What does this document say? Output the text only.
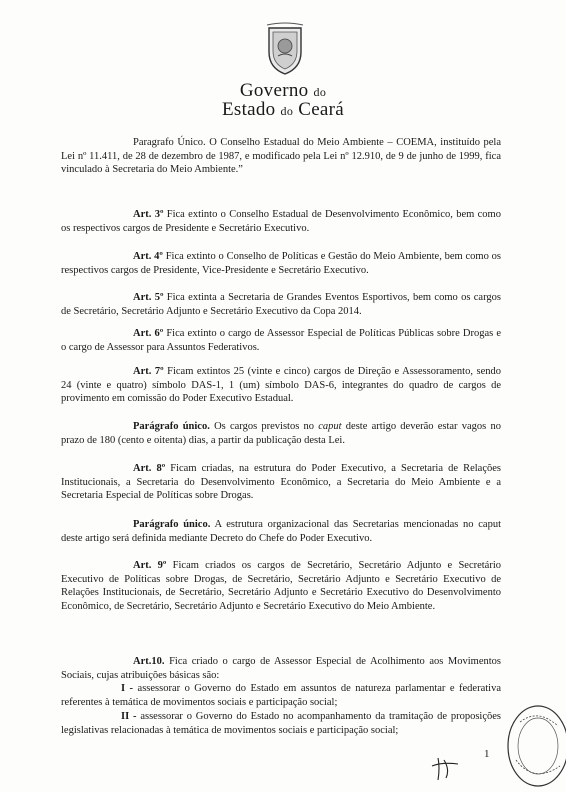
Governo do
Estado do Ceará
Paragrafo Único. O Conselho Estadual do Meio Ambiente – COEMA, instituído pela Lei nº 11.411, de 28 de dezembro de 1987, e modificado pela Lei nº 12.910, de 9 de junho de 1999, fica vinculado à Secretaria do Meio Ambiente.”
Art. 3º Fica extinto o Conselho Estadual de Desenvolvimento Econômico, bem como os respectivos cargos de Presidente e Secretário Executivo.
Art. 4º Fica extinto o Conselho de Políticas e Gestão do Meio Ambiente, bem como os respectivos cargos de Presidente, Vice-Presidente e Secretário Executivo.
Art. 5º Fica extinta a Secretaria de Grandes Eventos Esportivos, bem como os cargos de Secretário, Secretário Adjunto e Secretário Executivo da Copa 2014.
Art. 6º Fica extinto o cargo de Assessor Especial de Políticas Públicas sobre Drogas e o cargo de Assessor para Assuntos Federativos.
Art. 7º Ficam extintos 25 (vinte e cinco) cargos de Direção e Assessoramento, sendo 24 (vinte e quatro) símbolo DAS-1, 1 (um) símbolo DAS-6, integrantes do quadro de cargos de provimento em comissão do Poder Executivo Estadual.
Parágrafo único. Os cargos previstos no caput deste artigo deverão estar vagos no prazo de 180 (cento e oitenta) dias, a partir da publicação desta Lei.
Art. 8º Ficam criadas, na estrutura do Poder Executivo, a Secretaria de Relações Institucionais, a Secretaria do Desenvolvimento Econômico, a Secretaria do Meio Ambiente e a Secretaria Especial de Políticas sobre Drogas.
Parágrafo único. A estrutura organizacional das Secretarias mencionadas no caput deste artigo será definida mediante Decreto do Chefe do Poder Executivo.
Art. 9º Ficam criados os cargos de Secretário, Secretário Adjunto e Secretário Executivo de Políticas sobre Drogas, de Secretário, Secretário Adjunto e Secretário Executivo de Relações Institucionais, de Secretário, Secretário Adjunto e Secretário Executivo do Desenvolvimento Econômico, de Secretário, Secretário Adjunto e Secretário Executivo do Meio Ambiente.
Art.10. Fica criado o cargo de Assessor Especial de Acolhimento aos Movimentos Sociais, cujas atribuições básicas são:
I - assessorar o Governo do Estado em assuntos de natureza parlamentar e federativa referentes à temática de movimentos sociais e participação social;
II - assessorar o Governo do Estado no acompanhamento da tramitação de proposições legislativas relacionadas à temática de movimentos sociais e participação social;
1
